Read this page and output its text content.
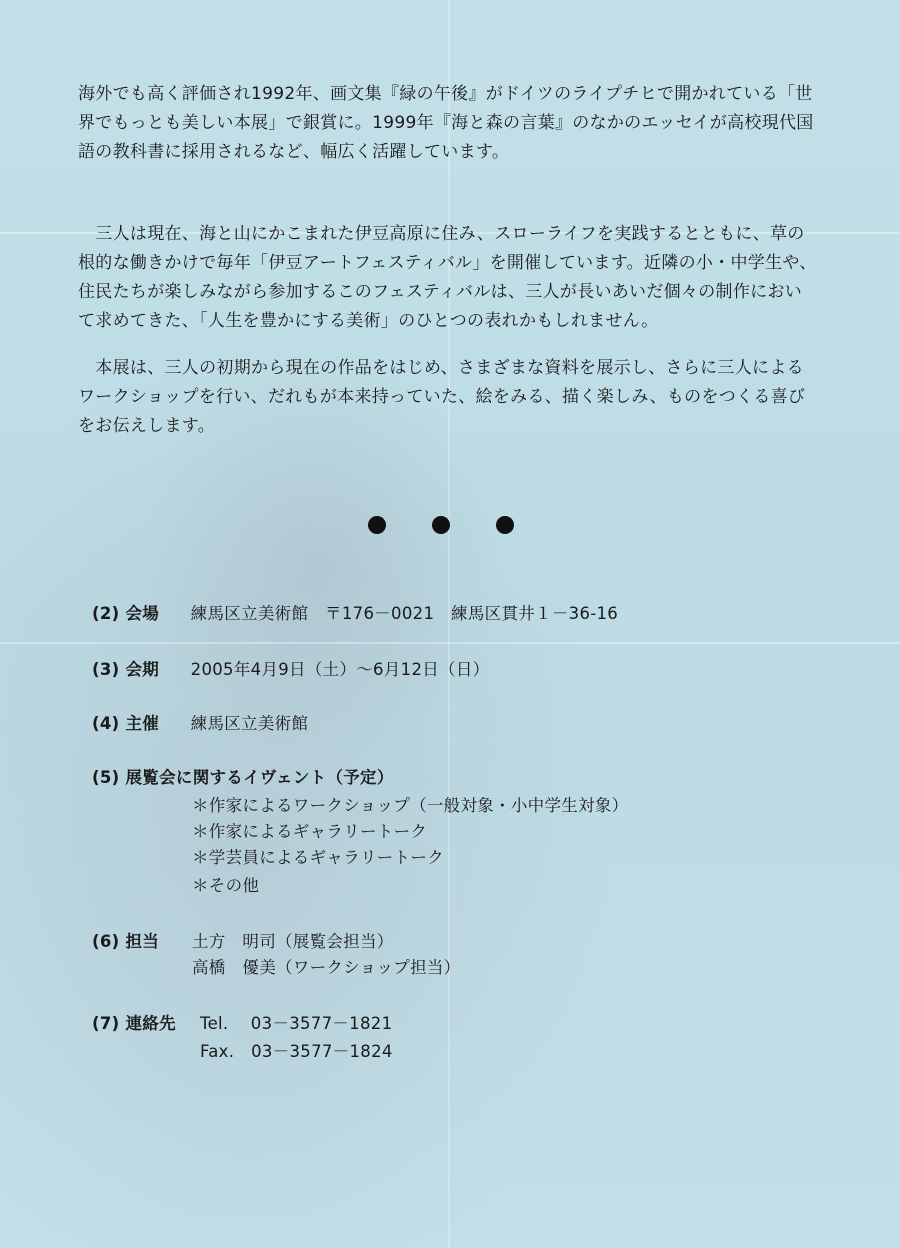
海外でも高く評価され1992年、画文集『緑の午後』がドイツのライプチヒで開かれている「世界でもっとも美しい本展」で銀賞に。1999年『海と森の言葉』のなかのエッセイが高校現代国語の教科書に採用されるなど、幅広く活躍しています。

　三人は現在、海と山にかこまれた伊豆高原に住み、スローライフを実践するとともに、草の根的な働きかけで毎年「伊豆アートフェスティバル」を開催しています。近隣の小・中学生や、住民たちが楽しみながら参加するこのフェスティバルは、三人が長いあいだ個々の制作において求めてきた、「人生を豊かにする美術」のひとつの表れかもしれません。

　本展は、三人の初期から現在の作品をはじめ、さまざまな資料を展示し、さらに三人によるワークショップを行い、だれもが本来持っていた、絵をみる、描く楽しみ、ものをつくる喜びをお伝えします。

(2) 会場 練馬区立美術館　〒176－0021　練馬区貫井１－36-16
(3) 会期 2005年4月9日（土）～6月12日（日）
(4) 主催 練馬区立美術館
(5) 展覧会に関するイヴェント（予定）
＊作家によるワークショップ（一般対象・小中学生対象）
＊作家によるギャラリートーク
＊学芸員によるギャラリートーク
＊その他
(6) 担当 土方　明司（展覧会担当）
高橋　優美（ワークショップ担当）
(7) 連絡先 Tel.　 03－3577－1821
Fax.　03－3577－1824
